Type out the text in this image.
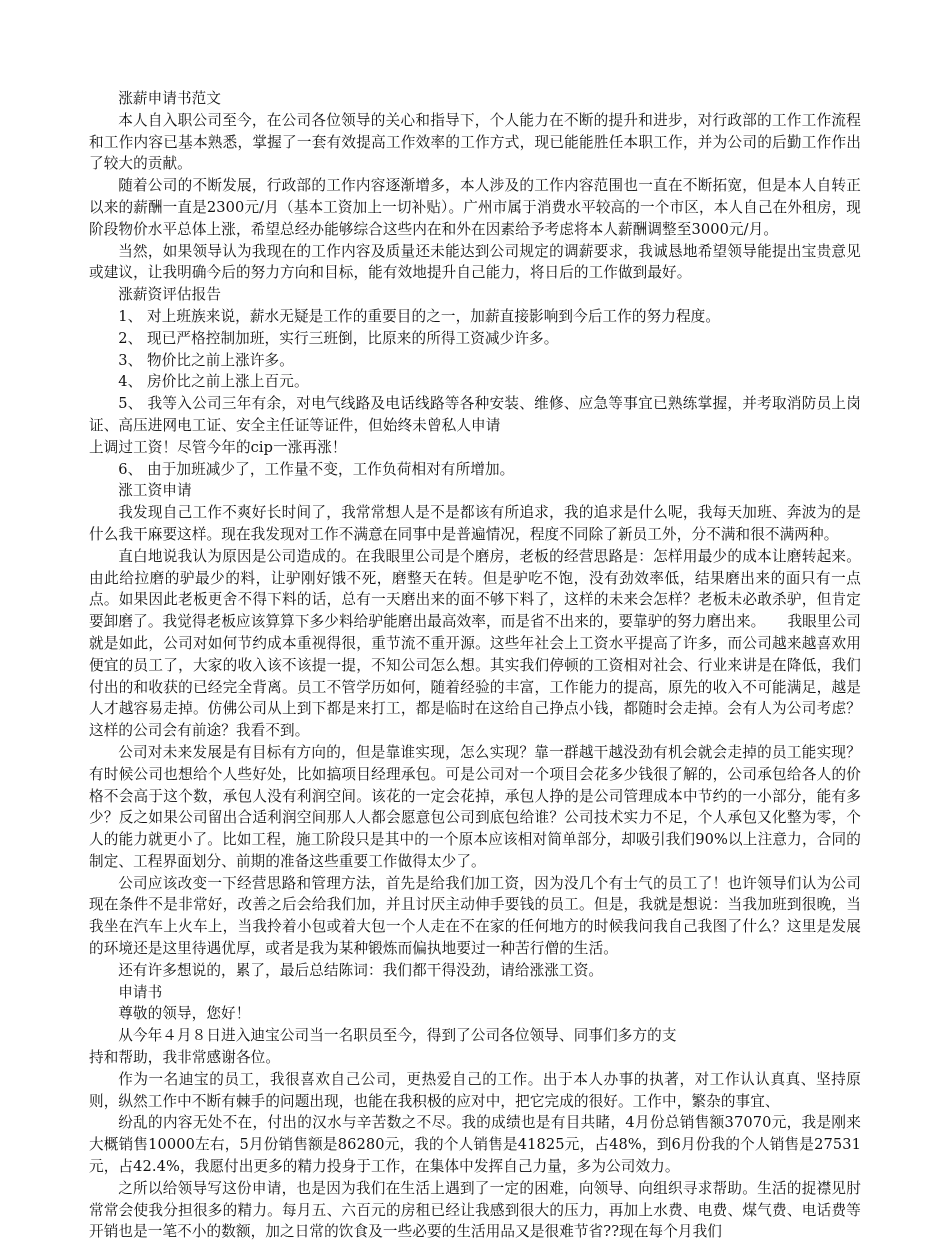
涨薪申请书范文

本人自入职公司至今，在公司各位领导的关心和指导下，个人能力在不断的提升和进步，对行政部的工作工作流程和工作内容已基本熟悉，掌握了一套有效提高工作效率的工作方式，现已能能胜任本职工作，并为公司的后勤工作作出了较大的贡献。

随着公司的不断发展，行政部的工作内容逐渐增多，本人涉及的工作内容范围也一直在不断拓宽，但是本人自转正以来的薪酬一直是2300元/月（基本工资加上一切补贴）。广州市属于消费水平较高的一个市区，本人自己在外租房，现阶段物价水平总体上涨，希望总经办能够综合这些内在和外在因素给予考虑将本人薪酬调整至3000元/月。

当然，如果领导认为我现在的工作内容及质量还未能达到公司规定的调薪要求，我诚恳地希望领导能提出宝贵意见或建议，让我明确今后的努力方向和目标，能有效地提升自己能力，将日后的工作做到最好。

涨薪资评估报告

1、 对上班族来说，薪水无疑是工作的重要目的之一，加薪直接影响到今后工作的努力程度。

2、 现已严格控制加班，实行三班倒，比原来的所得工资减少许多。

3、 物价比之前上涨许多。

4、 房价比之前上涨上百元。

5、 我等入公司三年有余，对电气线路及电话线路等各种安装、维修、应急等事宜已熟练掌握，并考取消防员上岗证、高压进网电工证、安全主任证等证件，但始终未曾私人申请

上调过工资！尽管今年的cip一涨再涨！

6、 由于加班减少了，工作量不变，工作负荷相对有所增加。

涨工资申请

我发现自己工作不爽好长时间了，我常常想人是不是都该有所追求，我的追求是什么呢，我每天加班、奔波为的是什么我干麻要这样。现在我发现对工作不满意在同事中是普遍情况，程度不同除了新员工外，分不满和很不满两种。

直白地说我认为原因是公司造成的。在我眼里公司是个磨房，老板的经营思路是：怎样用最少的成本让磨转起来。由此给拉磨的驴最少的料，让驴刚好饿不死，磨整天在转。但是驴吃不饱，没有劲效率低，结果磨出来的面只有一点点。如果因此老板更舍不得下料的话，总有一天磨出来的面不够下料了，这样的未来会怎样？老板未必敢杀驴，但肯定要卸磨了。我觉得老板应该算算下多少料给驴能磨出最高效率，而是省不出来的，要靠驴的努力磨出来。　　我眼里公司就是如此，公司对如何节约成本重视得很，重节流不重开源。这些年社会上工资水平提高了许多，而公司越来越喜欢用便宜的员工了，大家的收入该不该提一提，不知公司怎么想。其实我们停顿的工资相对社会、行业来讲是在降低，我们付出的和收获的已经完全背离。员工不管学历如何，随着经验的丰富，工作能力的提高，原先的收入不可能满足，越是人才越容易走掉。仿佛公司从上到下都是来打工，都是临时在这给自己挣点小钱，都随时会走掉。会有人为公司考虑？这样的公司会有前途？我看不到。

公司对未来发展是有目标有方向的，但是靠谁实现，怎么实现？靠一群越干越没劲有机会就会走掉的员工能实现？有时候公司也想给个人些好处，比如搞项目经理承包。可是公司对一个项目会花多少钱很了解的，公司承包给各人的价格不会高于这个数，承包人没有利润空间。该花的一定会花掉，承包人挣的是公司管理成本中节约的一小部分，能有多少？反之如果公司留出合适利润空间那人人都会愿意包公司到底包给谁？公司技术实力不足，个人承包又化整为零，个人的能力就更小了。比如工程，施工阶段只是其中的一个原本应该相对简单部分，却吸引我们90%以上注意力，合同的制定、工程界面划分、前期的准备这些重要工作做得太少了。

公司应该改变一下经营思路和管理方法，首先是给我们加工资，因为没几个有士气的员工了！也许领导们认为公司现在条件不是非常好，改善之后会给我们加，并且讨厌主动伸手要钱的员工。但是，我就是想说：当我加班到很晚，当我坐在汽车上火车上，当我拎着小包或着大包一个人走在不在家的任何地方的时候我问我自己我图了什么？这里是发展的环境还是这里待遇优厚，或者是我为某种锻炼而偏执地要过一种苦行僧的生活。

还有许多想说的，累了，最后总结陈词：我们都干得没劲，请给涨涨工资。

申请书

尊敬的领导，您好！

从今年４月８日进入迪宝公司当一名职员至今，得到了公司各位领导、同事们多方的支

持和帮助，我非常感谢各位。

作为一名迪宝的员工，我很喜欢自己公司，更热爱自己的工作。出于本人办事的执著，对工作认认真真、坚持原则，纵然工作中不断有棘手的问题出现，也能在我积极的应对中，把它完成的很好。工作中，繁杂的事宜、

纷乱的内容无处不在，付出的汉水与辛苦数之不尽。我的成绩也是有目共睹，4月份总销售额37070元，我是刚来大概销售10000左右，5月份销售额是86280元，我的个人销售是41825元，占48%，到6月份我的个人销售是27531元，占42.4%，我愿付出更多的精力投身于工作，在集体中发挥自己力量，多为公司效力。

之所以给领导写这份申请，也是因为我们在生活上遇到了一定的困难，向领导、向组织寻求帮助。生活的捉襟见肘常常会使我分担很多的精力。每月五、六百元的房租已经让我感到很大的压力，再加上水费、电费、煤气费、电话费等开销也是一笔不小的数额，加之日常的饮食及一些必要的生活用品又是很难节省??现在每个月我们
